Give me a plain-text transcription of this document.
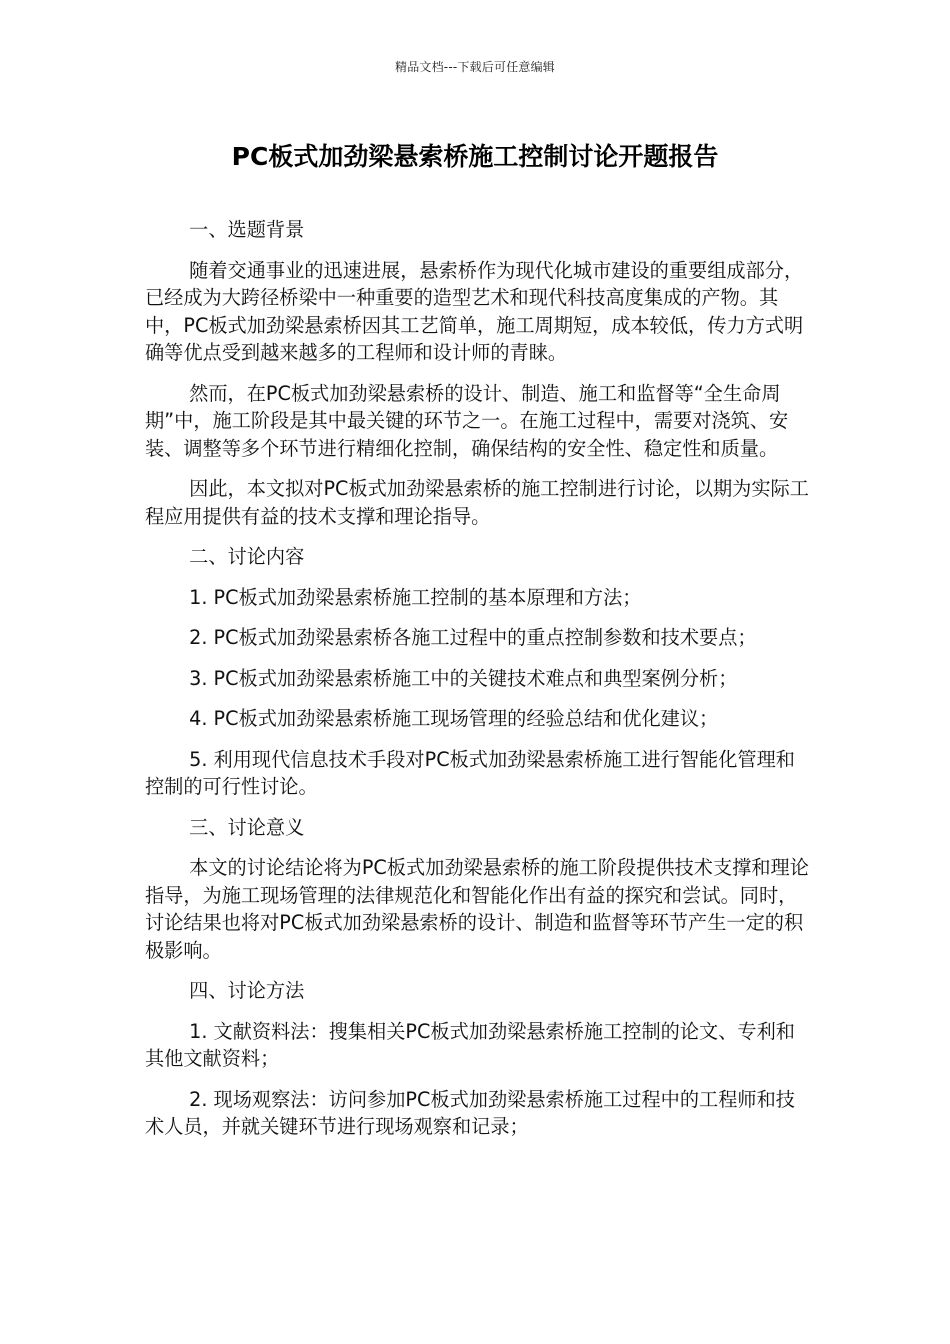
精品文档---下载后可任意编辑
PC板式加劲梁悬索桥施工控制讨论开题报告

一、选题背景

随着交通事业的迅速进展，悬索桥作为现代化城市建设的重要组成部分，已经成为大跨径桥梁中一种重要的造型艺术和现代科技高度集成的产物。其中，PC板式加劲梁悬索桥因其工艺简单，施工周期短，成本较低，传力方式明确等优点受到越来越多的工程师和设计师的青睐。

然而，在PC板式加劲梁悬索桥的设计、制造、施工和监督等“全生命周期”中，施工阶段是其中最关键的环节之一。在施工过程中，需要对浇筑、安装、调整等多个环节进行精细化控制，确保结构的安全性、稳定性和质量。

因此，本文拟对PC板式加劲梁悬索桥的施工控制进行讨论，以期为实际工程应用提供有益的技术支撑和理论指导。

二、讨论内容

1. PC板式加劲梁悬索桥施工控制的基本原理和方法；

2. PC板式加劲梁悬索桥各施工过程中的重点控制参数和技术要点；

3. PC板式加劲梁悬索桥施工中的关键技术难点和典型案例分析；

4. PC板式加劲梁悬索桥施工现场管理的经验总结和优化建议；

5. 利用现代信息技术手段对PC板式加劲梁悬索桥施工进行智能化管理和控制的可行性讨论。

三、讨论意义

本文的讨论结论将为PC板式加劲梁悬索桥的施工阶段提供技术支撑和理论指导，为施工现场管理的法律规范化和智能化作出有益的探究和尝试。同时，讨论结果也将对PC板式加劲梁悬索桥的设计、制造和监督等环节产生一定的积极影响。

四、讨论方法

1. 文献资料法：搜集相关PC板式加劲梁悬索桥施工控制的论文、专利和其他文献资料；

2. 现场观察法：访问参加PC板式加劲梁悬索桥施工过程中的工程师和技术人员，并就关键环节进行现场观察和记录；
